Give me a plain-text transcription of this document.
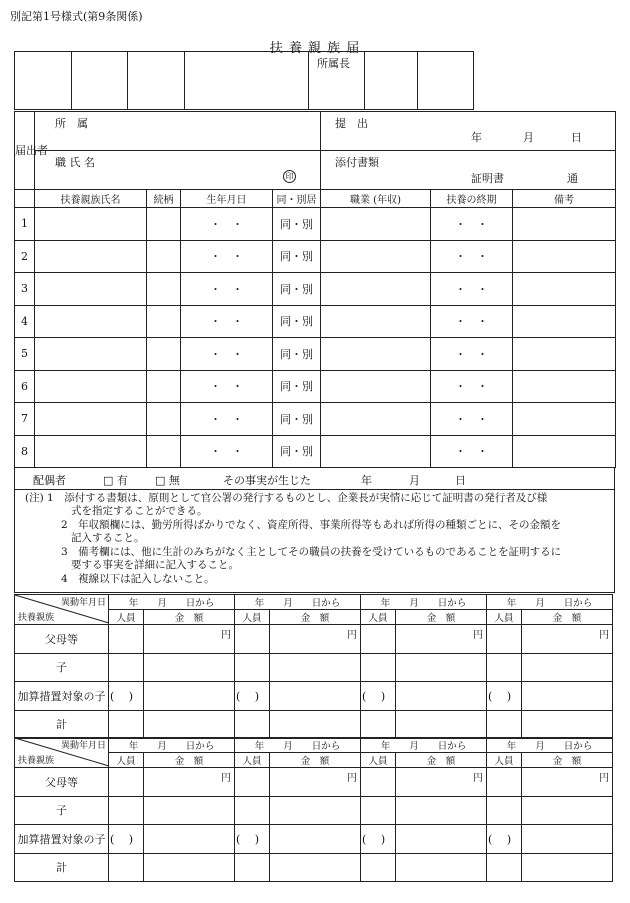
別記第1号様式(第9条関係)
扶 養 親 族 届

所属長

届出者	所　属				提　出
年 月 日		

	職 氏 名
印				添付書類
証明書 通		

	扶養親族氏名	続柄	生年月日	同・別居	職業 (年収)	扶養の終期	備考
1			・　・	同・別		・　・	
2			・　・	同・別		・　・	
3			・　・	同・別		・　・	
4			・　・	同・別		・　・	
5			・　・	同・別		・　・	
6			・　・	同・別		・　・	
7			・　・	同・別		・　・	
8			・　・	同・別		・　・	
配偶者	□ 有 □ 無	その事実が生じた	年	月	日
(注) 1　添付する書類は、原則として官公署の発行するものとし、企業長が実情に応じて証明書の発行者及び様
式を指定することができる。
2　年収額欄には、勤労所得ばかりでなく、資産所得、事業所得等もあれば所得の種類ごとに、その金額を
記入すること。
3　備考欄には、他に生計のみちがなく主としてその職員の扶養を受けているものであることを証明するに
要する事実を詳細に記入すること。
4　複線以下は記入しないこと。
異動年月日
扶養親族	年　　月　　日から		年　　月　　日から		年　　月　　日から		年　　月　　日から	
	人員	金　額	人員	金　額	人員	金　額	人員	金　額
父母等		円		円		円		円

子								
加算措置対象の子	(　 )		(　 )		(　 )		(　 )	
計								
異動年月日
扶養親族	年　　月　　日から		年　　月　　日から		年　　月　　日から		年　　月　　日から	
	人員	金　額	人員	金　額	人員	金　額	人員	金　額
父母等		円		円		円		円

子								
加算措置対象の子	(　 )		(　 )		(　 )		(　 )	
計								
